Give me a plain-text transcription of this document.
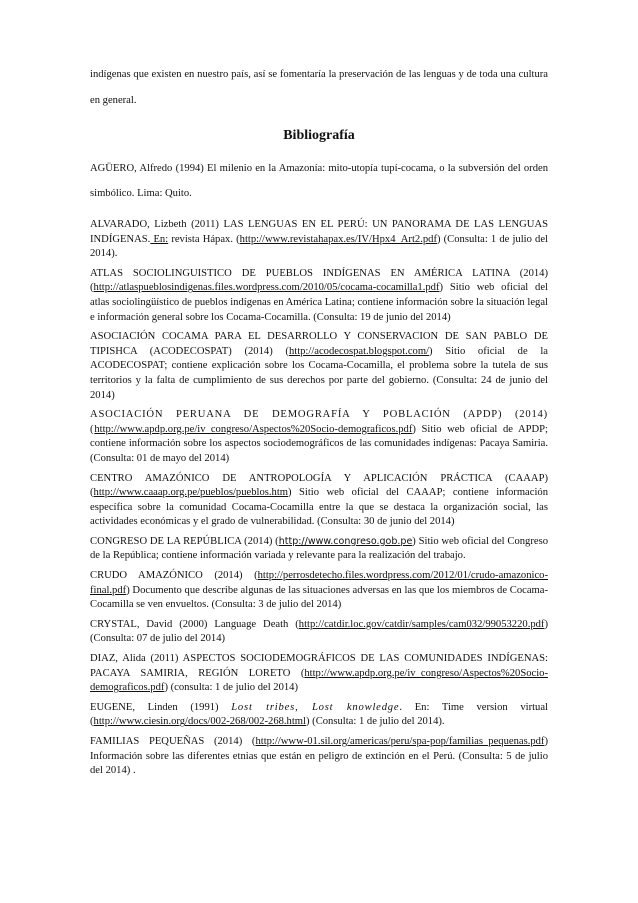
indígenas que existen en nuestro país, así se fomentaría la preservación de las lenguas y de toda una cultura en general.

Bibliografía

AGÜERO, Alfredo (1994) El milenio en la Amazonía: mito-utopía tupí-cocama, o la subversión del orden simbólico. Lima: Quito.

ALVARADO, Lizbeth (2011) LAS LENGUAS EN EL PERÚ: UN PANORAMA DE LAS LENGUAS INDÍGENAS. En: revista Hápax. (http://www.revistahapax.es/IV/Hpx4_Art2.pdf) (Consulta: 1 de julio del 2014).

ATLAS SOCIOLINGUISTICO DE PUEBLOS INDÍGENAS EN AMÉRICA LATINA (2014) (http://atlaspueblosindigenas.files.wordpress.com/2010/05/cocama-cocamilla1.pdf) Sitio web oficial del atlas sociolingüístico de pueblos indígenas en América Latina; contiene información sobre la situación legal e información general sobre los Cocama-Cocamilla. (Consulta: 19 de junio del 2014)

ASOCIACIÓN COCAMA PARA EL DESARROLLO Y CONSERVACION DE SAN PABLO DE TIPISHCA (ACODECOSPAT) (2014) (http://acodecospat.blogspot.com/) Sitio oficial de la ACODECOSPAT; contiene explicación sobre los Cocama-Cocamilla, el problema sobre la tutela de sus territorios y la falta de cumplimiento de sus derechos por parte del gobierno. (Consulta: 24 de junio del 2014)

ASOCIACIÓN PERUANA DE DEMOGRAFÍA Y POBLACIÓN (APDP) (2014) (http://www.apdp.org.pe/iv_congreso/Aspectos%20Socio-demograficos.pdf) Sitio web oficial de APDP; contiene información sobre los aspectos sociodemográficos de las comunidades indígenas: Pacaya Samiria. (Consulta: 01 de mayo del 2014)

CENTRO AMAZÓNICO DE ANTROPOLOGÍA Y APLICACIÓN PRÁCTICA (CAAAP) (http://www.caaap.org.pe/pueblos/pueblos.htm) Sitio web oficial del CAAAP; contiene información específica sobre la comunidad Cocama-Cocamilla entre la que se destaca la organización social, las actividades económicas y el grado de vulnerabilidad. (Consulta: 30 de junio del 2014)

CONGRESO DE LA REPÚBLICA (2014) (http://www.congreso.gob.pe) Sitio web oficial del Congreso de la República; contiene información variada y relevante para la realización del trabajo.

CRUDO AMAZÓNICO (2014) (http://perrosdetecho.files.wordpress.com/2012/01/crudo-amazonico-final.pdf) Documento que describe algunas de las situaciones adversas en las que los miembros de Cocama-Cocamilla se ven envueltos. (Consulta: 3 de julio del 2014)

CRYSTAL, David (2000) Language Death (http://catdir.loc.gov/catdir/samples/cam032/99053220.pdf) (Consulta: 07 de julio del 2014)

DIAZ, Alida (2011) ASPECTOS SOCIODEMOGRÁFICOS DE LAS COMUNIDADES INDÍGENAS: PACAYA SAMIRIA, REGIÓN LORETO (http://www.apdp.org.pe/iv_congreso/Aspectos%20Socio-demograficos.pdf) (consulta: 1 de julio del 2014)

EUGENE, Linden (1991) Lost tribes, Lost knowledge. En: Time version virtual (http://www.ciesin.org/docs/002-268/002-268.html) (Consulta: 1 de julio del 2014).

FAMILIAS PEQUEÑAS (2014) (http://www-01.sil.org/americas/peru/spa-pop/familias_pequenas.pdf) Información sobre las diferentes etnias que están en peligro de extinción en el Perú. (Consulta: 5 de julio del 2014) .
